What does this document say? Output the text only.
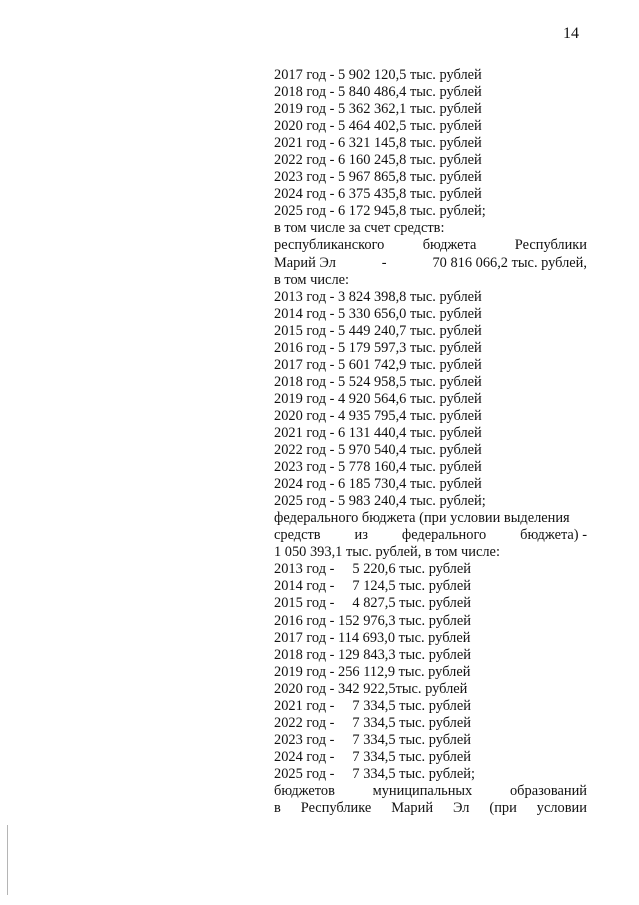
14
2017 год - 5 902 120,5 тыс. рублей
2018 год - 5 840 486,4 тыс. рублей
2019 год - 5 362 362,1 тыс. рублей
2020 год - 5 464 402,5 тыс. рублей
2021 год - 6 321 145,8 тыс. рублей
2022 год - 6 160 245,8 тыс. рублей
2023 год - 5 967 865,8 тыс. рублей
2024 год - 6 375 435,8 тыс. рублей
2025 год - 6 172 945,8 тыс. рублей;
в том числе за счет средств:
республиканского	бюджета	Республики
Марий Эл	-	70 816 066,2 тыс. рублей,
в том числе:
2013 год - 3 824 398,8 тыс. рублей
2014 год - 5 330 656,0 тыс. рублей
2015 год - 5 449 240,7 тыс. рублей
2016 год - 5 179 597,3 тыс. рублей
2017 год - 5 601 742,9 тыс. рублей
2018 год - 5 524 958,5 тыс. рублей
2019 год - 4 920 564,6 тыс. рублей
2020 год - 4 935 795,4 тыс. рублей
2021 год - 6 131 440,4 тыс. рублей
2022 год - 5 970 540,4 тыс. рублей
2023 год - 5 778 160,4 тыс. рублей
2024 год - 6 185 730,4 тыс. рублей
2025 год - 5 983 240,4 тыс. рублей;
федерального бюджета (при условии выделения
средств из федерального бюджета) -
1 050 393,1 тыс. рублей, в том числе:
2013 год -     5 220,6 тыс. рублей
2014 год -     7 124,5 тыс. рублей
2015 год -     4 827,5 тыс. рублей
2016 год - 152 976,3 тыс. рублей
2017 год - 114 693,0 тыс. рублей
2018 год - 129 843,3 тыс. рублей
2019 год - 256 112,9 тыс. рублей
2020 год - 342 922,5тыс. рублей
2021 год -     7 334,5 тыс. рублей
2022 год -     7 334,5 тыс. рублей
2023 год -     7 334,5 тыс. рублей
2024 год -     7 334,5 тыс. рублей
2025 год -     7 334,5 тыс. рублей;
бюджетов	муниципальных	образований
в Республике Марий Эл (при условии
